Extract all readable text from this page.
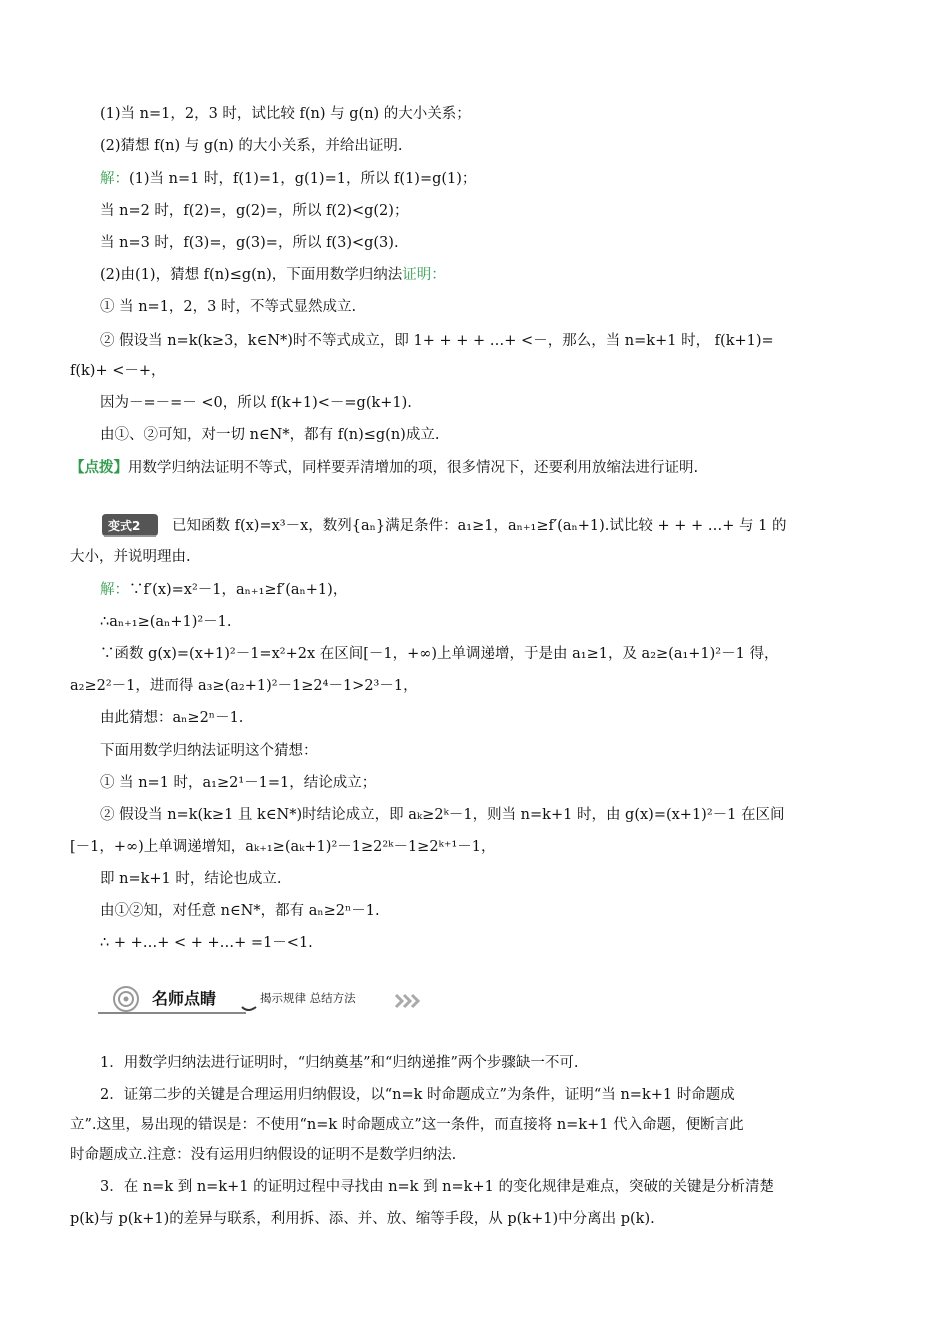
(1)当 n=1，2，3 时，试比较 f(n) 与 g(n) 的大小关系；
(2)猜想 f(n) 与 g(n) 的大小关系，并给出证明.
解：(1)当 n=1 时，f(1)=1，g(1)=1，所以 f(1)=g(1)；
当 n=2 时，f(2)=，g(2)=，所以 f(2)<g(2)；
当 n=3 时，f(3)=，g(3)=，所以 f(3)<g(3).
(2)由(1)，猜想 f(n)≤g(n)，下面用数学归纳法证明：
① 当 n=1，2，3 时，不等式显然成立.
② 假设当 n=k(k≥3，k∈N*)时不等式成立，即 1+ + + + …+ <－，那么，当 n=k+1 时， f(k+1)=
f(k)+ <－+，
因为－=－=－ <0，所以 f(k+1)<－=g(k+1).
由①、②可知，对一切 n∈N*，都有 f(n)≤g(n)成立.
【点拨】用数学归纳法证明不等式，同样要弄清增加的项，很多情况下，还要利用放缩法进行证明.
变式2 已知函数 f(x)=x³－x，数列{aₙ}满足条件：a₁≥1，aₙ₊₁≥f′(aₙ+1).试比较 + + + …+ 与 1 的
大小，并说明理由.
解：∵f′(x)=x²－1，aₙ₊₁≥f′(aₙ+1)，
∴aₙ₊₁≥(aₙ+1)²－1.
∵函数 g(x)=(x+1)²－1=x²+2x 在区间[－1，+∞)上单调递增，于是由 a₁≥1，及 a₂≥(a₁+1)²－1 得，
a₂≥2²－1，进而得 a₃≥(a₂+1)²－1≥2⁴－1>2³－1，
由此猜想：aₙ≥2ⁿ－1.
下面用数学归纳法证明这个猜想：
① 当 n=1 时，a₁≥2¹－1=1，结论成立；
② 假设当 n=k(k≥1 且 k∈N*)时结论成立，即 aₖ≥2ᵏ－1，则当 n=k+1 时，由 g(x)=(x+1)²－1 在区间
[－1，+∞)上单调递增知，aₖ₊₁≥(aₖ+1)²－1≥2²ᵏ－1≥2ᵏ⁺¹－1，
即 n=k+1 时，结论也成立.
由①②知，对任意 n∈N*，都有 aₙ≥2ⁿ－1.
∴ + +…+ < + +…+ =1－<1.
名师点睛	揭示规律 总结方法
1．用数学归纳法进行证明时，“归纳奠基”和“归纳递推”两个步骤缺一不可.
2．证第二步的关键是合理运用归纳假设，以“n=k 时命题成立”为条件，证明“当 n=k+1 时命题成
立”.这里，易出现的错误是：不使用“n=k 时命题成立”这一条件，而直接将 n=k+1 代入命题，便断言此
时命题成立.注意：没有运用归纳假设的证明不是数学归纳法.
3．在 n=k 到 n=k+1 的证明过程中寻找由 n=k 到 n=k+1 的变化规律是难点，突破的关键是分析清楚
p(k)与 p(k+1)的差异与联系，利用拆、添、并、放、缩等手段，从 p(k+1)中分离出 p(k).
